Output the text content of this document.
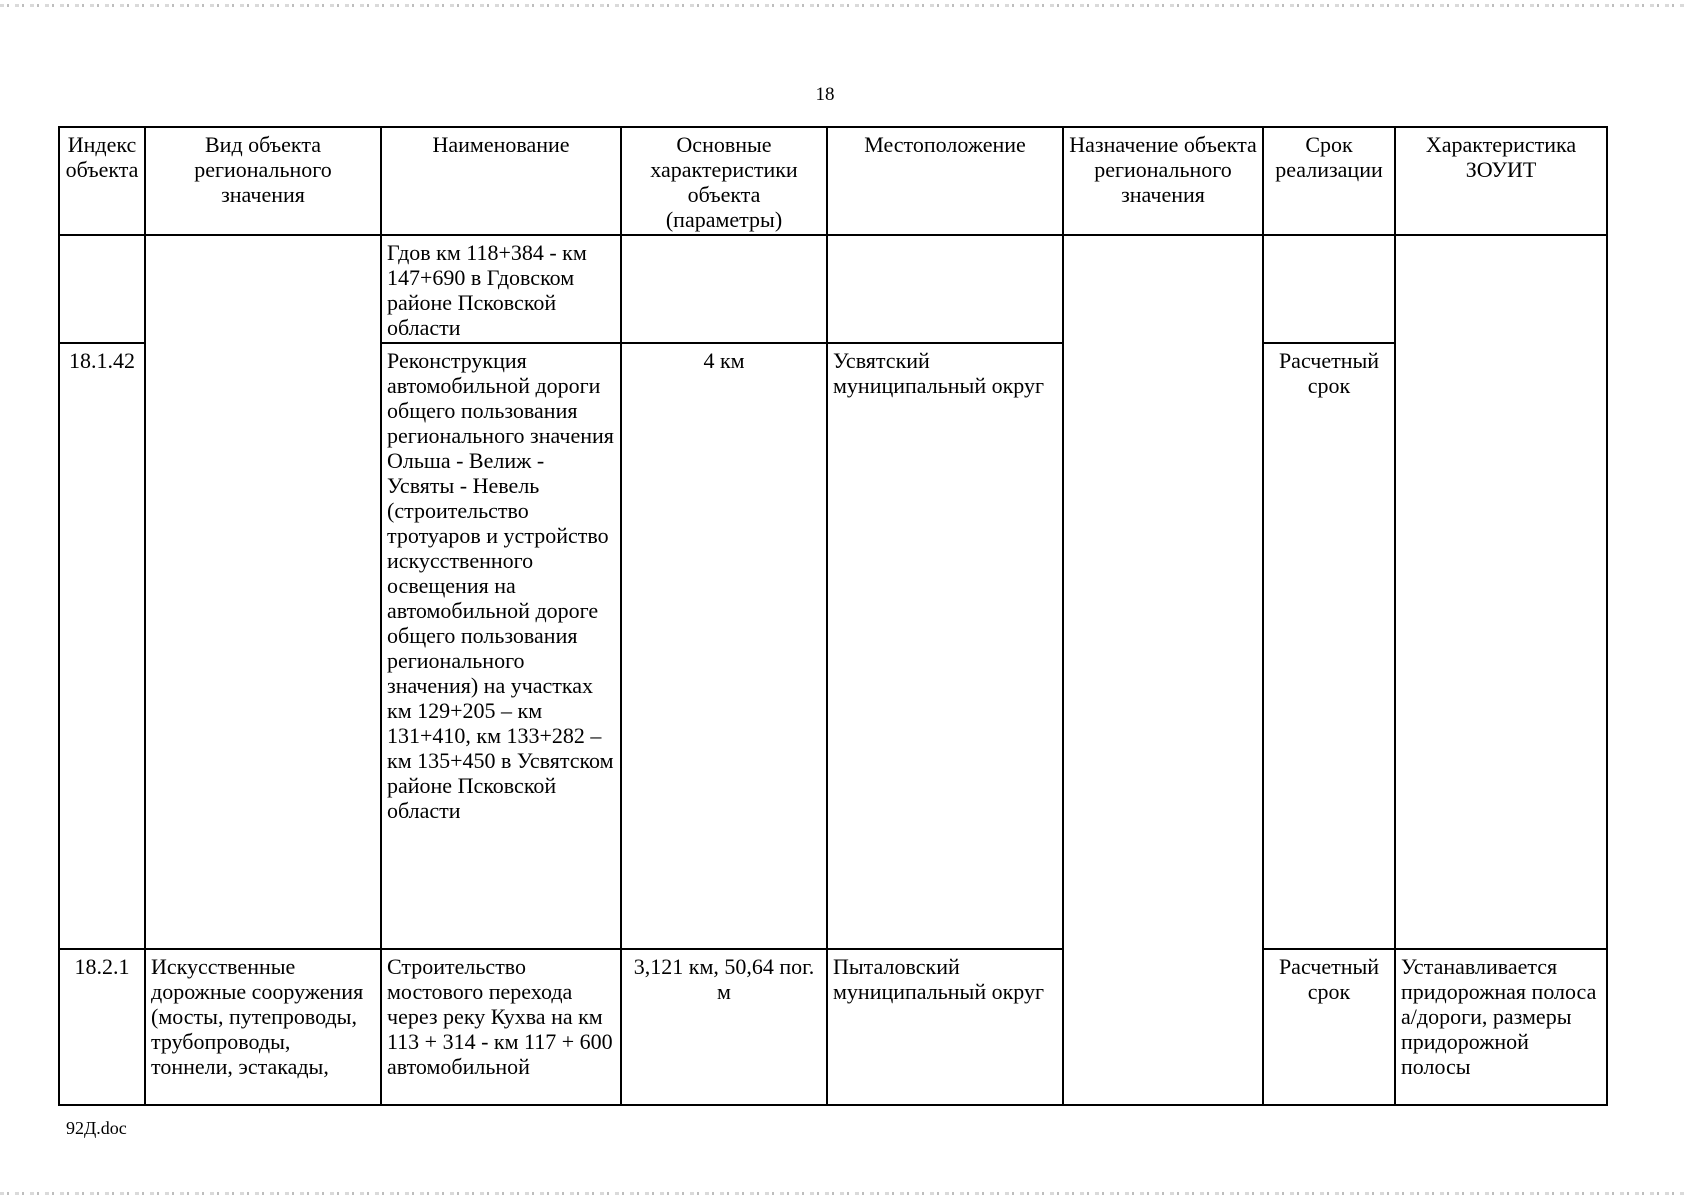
18
Индекс объекта	Вид объекта регионального значения	Наименование	Основные характеристики объекта (параметры)	Местоположение	Назначение объекта регионального значения	Срок реализации	Характеристика ЗОУИТ
		Гдов км 118+384 - км 147+690 в Гдовском районе Псковской области					
18.1.42		Реконструкция автомобильной дороги общего пользования регионального значения Ольша - Велиж - Усвяты - Невель (строительство тротуаров и устройство искусственного освещения на автомобильной дороге общего пользования регионального значения) на участках км 129+205 – км 131+410, км 133+282 – км 135+450 в Усвятском районе Псковской области	4 км	Усвятский муниципальный округ		Расчетный срок	
18.2.1	Искусственные дорожные сооружения (мосты, путепроводы, трубопроводы, тоннели, эстакады,	Строительство мостового перехода через реку Кухва на км 113 + 314 - км 117 + 600 автомобильной	3,121 км, 50,64 пог. м	Пыталовский муниципальный округ		Расчетный срок	Устанавливается придорожная полоса а/дороги, размеры придорожной полосы
92Д.doc
